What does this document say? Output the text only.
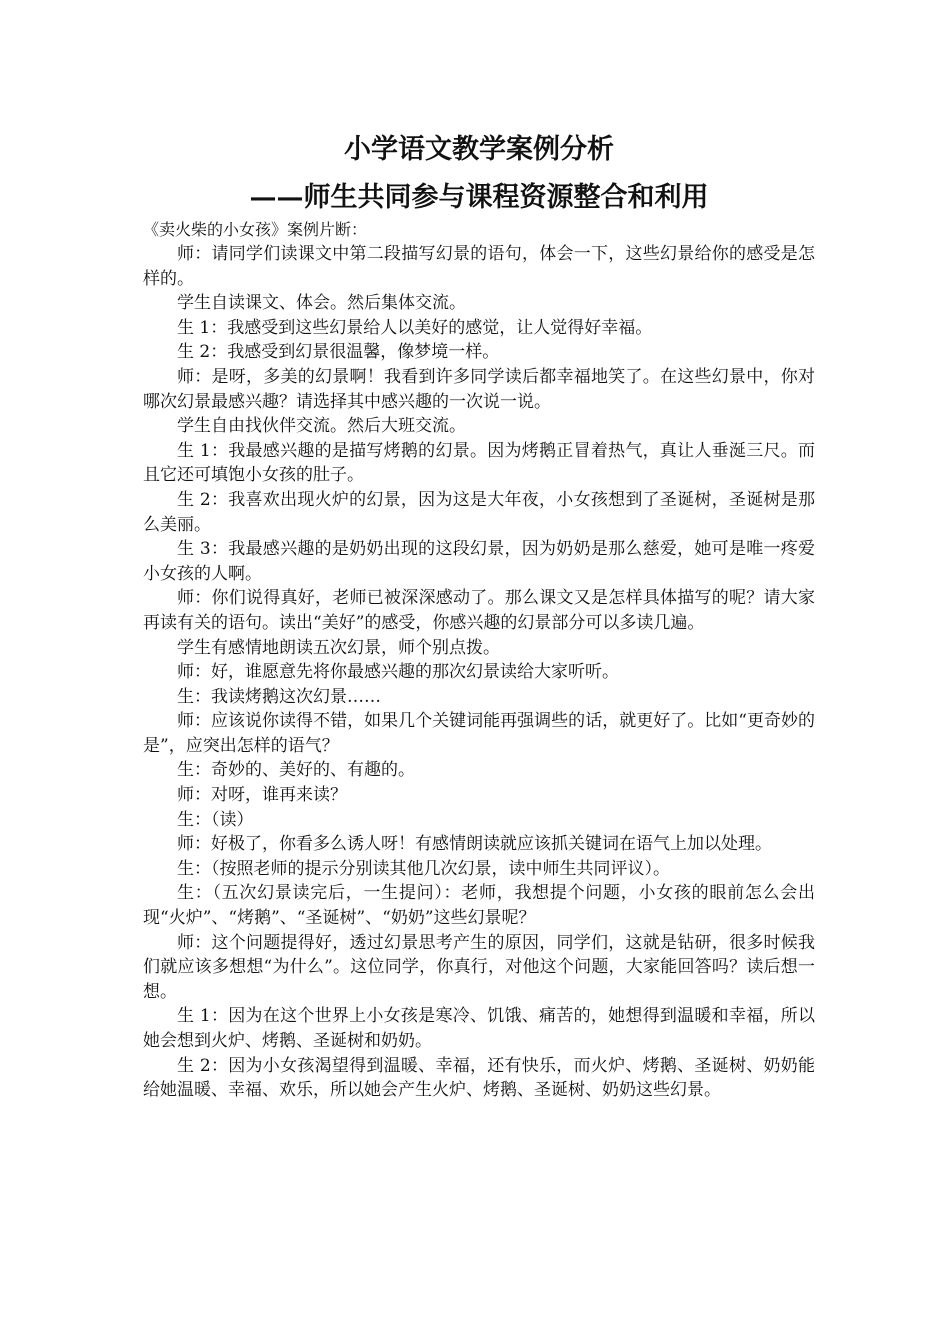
小学语文教学案例分析
——师生共同参与课程资源整合和利用

《卖火柴的小女孩》案例片断：

师：请同学们读课文中第二段描写幻景的语句，体会一下，这些幻景给你的感受是怎样的。

学生自读课文、体会。然后集体交流。

生 1：我感受到这些幻景给人以美好的感觉，让人觉得好幸福。

生 2：我感受到幻景很温馨，像梦境一样。

师：是呀，多美的幻景啊！我看到许多同学读后都幸福地笑了。在这些幻景中，你对哪次幻景最感兴趣？请选择其中感兴趣的一次说一说。

学生自由找伙伴交流。然后大班交流。

生 1：我最感兴趣的是描写烤鹅的幻景。因为烤鹅正冒着热气，真让人垂涎三尺。而且它还可填饱小女孩的肚子。

生 2：我喜欢出现火炉的幻景，因为这是大年夜，小女孩想到了圣诞树，圣诞树是那么美丽。

生 3：我最感兴趣的是奶奶出现的这段幻景，因为奶奶是那么慈爱，她可是唯一疼爱小女孩的人啊。

师：你们说得真好，老师已被深深感动了。那么课文又是怎样具体描写的呢？请大家再读有关的语句。读出“美好”的感受，你感兴趣的幻景部分可以多读几遍。

学生有感情地朗读五次幻景，师个别点拨。

师：好，谁愿意先将你最感兴趣的那次幻景读给大家听听。

生：我读烤鹅这次幻景……

师：应该说你读得不错，如果几个关键词能再强调些的话，就更好了。比如“更奇妙的是”，应突出怎样的语气？

生：奇妙的、美好的、有趣的。

师：对呀，谁再来读？

生：（读）

师：好极了，你看多么诱人呀！有感情朗读就应该抓关键词在语气上加以处理。

生：（按照老师的提示分别读其他几次幻景，读中师生共同评议）。

生：（五次幻景读完后，一生提问）：老师，我想提个问题，小女孩的眼前怎么会出现“火炉”、“烤鹅”、“圣诞树”、“奶奶”这些幻景呢？

师：这个问题提得好，透过幻景思考产生的原因，同学们，这就是钻研，很多时候我们就应该多想想“为什么”。这位同学，你真行，对他这个问题，大家能回答吗？读后想一想。

生 1：因为在这个世界上小女孩是寒冷、饥饿、痛苦的，她想得到温暖和幸福，所以她会想到火炉、烤鹅、圣诞树和奶奶。

生 2：因为小女孩渴望得到温暖、幸福，还有快乐，而火炉、烤鹅、圣诞树、奶奶能给她温暖、幸福、欢乐，所以她会产生火炉、烤鹅、圣诞树、奶奶这些幻景。
